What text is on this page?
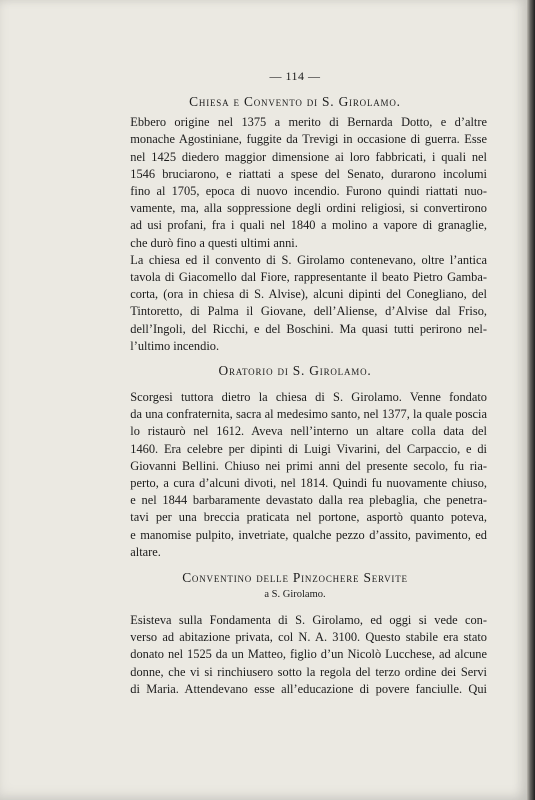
— 114 —
Chiesa e Convento di S. Girolamo.

Ebbero origine nel 1375 a merito di Bernarda Dotto, e d’altre
monache Agostiniane, fuggite da Trevigi in occasione di guerra. Esse
nel 1425 diedero maggior dimensione ai loro fabbricati, i quali nel
1546 bruciarono, e riattati a spese del Senato, durarono incolumi
fino al 1705, epoca di nuovo incendio. Furono quindi riattati nuo-
vamente, ma, alla soppressione degli ordini religiosi, si convertirono
ad usi profani, fra i quali nel 1840 a molino a vapore di granaglie,
che durò fino a questi ultimi anni.

La chiesa ed il convento di S. Girolamo contenevano, oltre l’antica
tavola di Giacomello dal Fiore, rappresentante il beato Pietro Gamba-
corta, (ora in chiesa di S. Alvise), alcuni dipinti del Conegliano, del
Tintoretto, di Palma il Giovane, dell’Aliense, d’Alvise dal Friso,
dell’Ingoli, del Ricchi, e del Boschini. Ma quasi tutti perirono nel-
l’ultimo incendio.

Oratorio di S. Girolamo.

Scorgesi tuttora dietro la chiesa di S. Girolamo. Venne fondato
da una confraternita, sacra al medesimo santo, nel 1377, la quale poscia
lo ristaurò nel 1612. Aveva nell’interno un altare colla data del
1460. Era celebre per dipinti di Luigi Vivarini, del Carpaccio, e di
Giovanni Bellini. Chiuso nei primi anni del presente secolo, fu ria-
perto, a cura d’alcuni divoti, nel 1814. Quindi fu nuovamente chiuso,
e nel 1844 barbaramente devastato dalla rea plebaglia, che penetra-
tavi per una breccia praticata nel portone, asportò quanto poteva,
e manomise pulpito, invetriate, qualche pezzo d’assito, pavimento, ed
altare.

Conventino delle Pinzochere Servite
a S. Girolamo.

Esisteva sulla Fondamenta di S. Girolamo, ed oggi si vede con-
verso ad abitazione privata, col N. A. 3100. Questo stabile era stato
donato nel 1525 da un Matteo, figlio d’un Nicolò Lucchese, ad alcune
donne, che vi si rinchiusero sotto la regola del terzo ordine dei Servi
di Maria. Attendevano esse all’educazione di povere fanciulle. Qui
